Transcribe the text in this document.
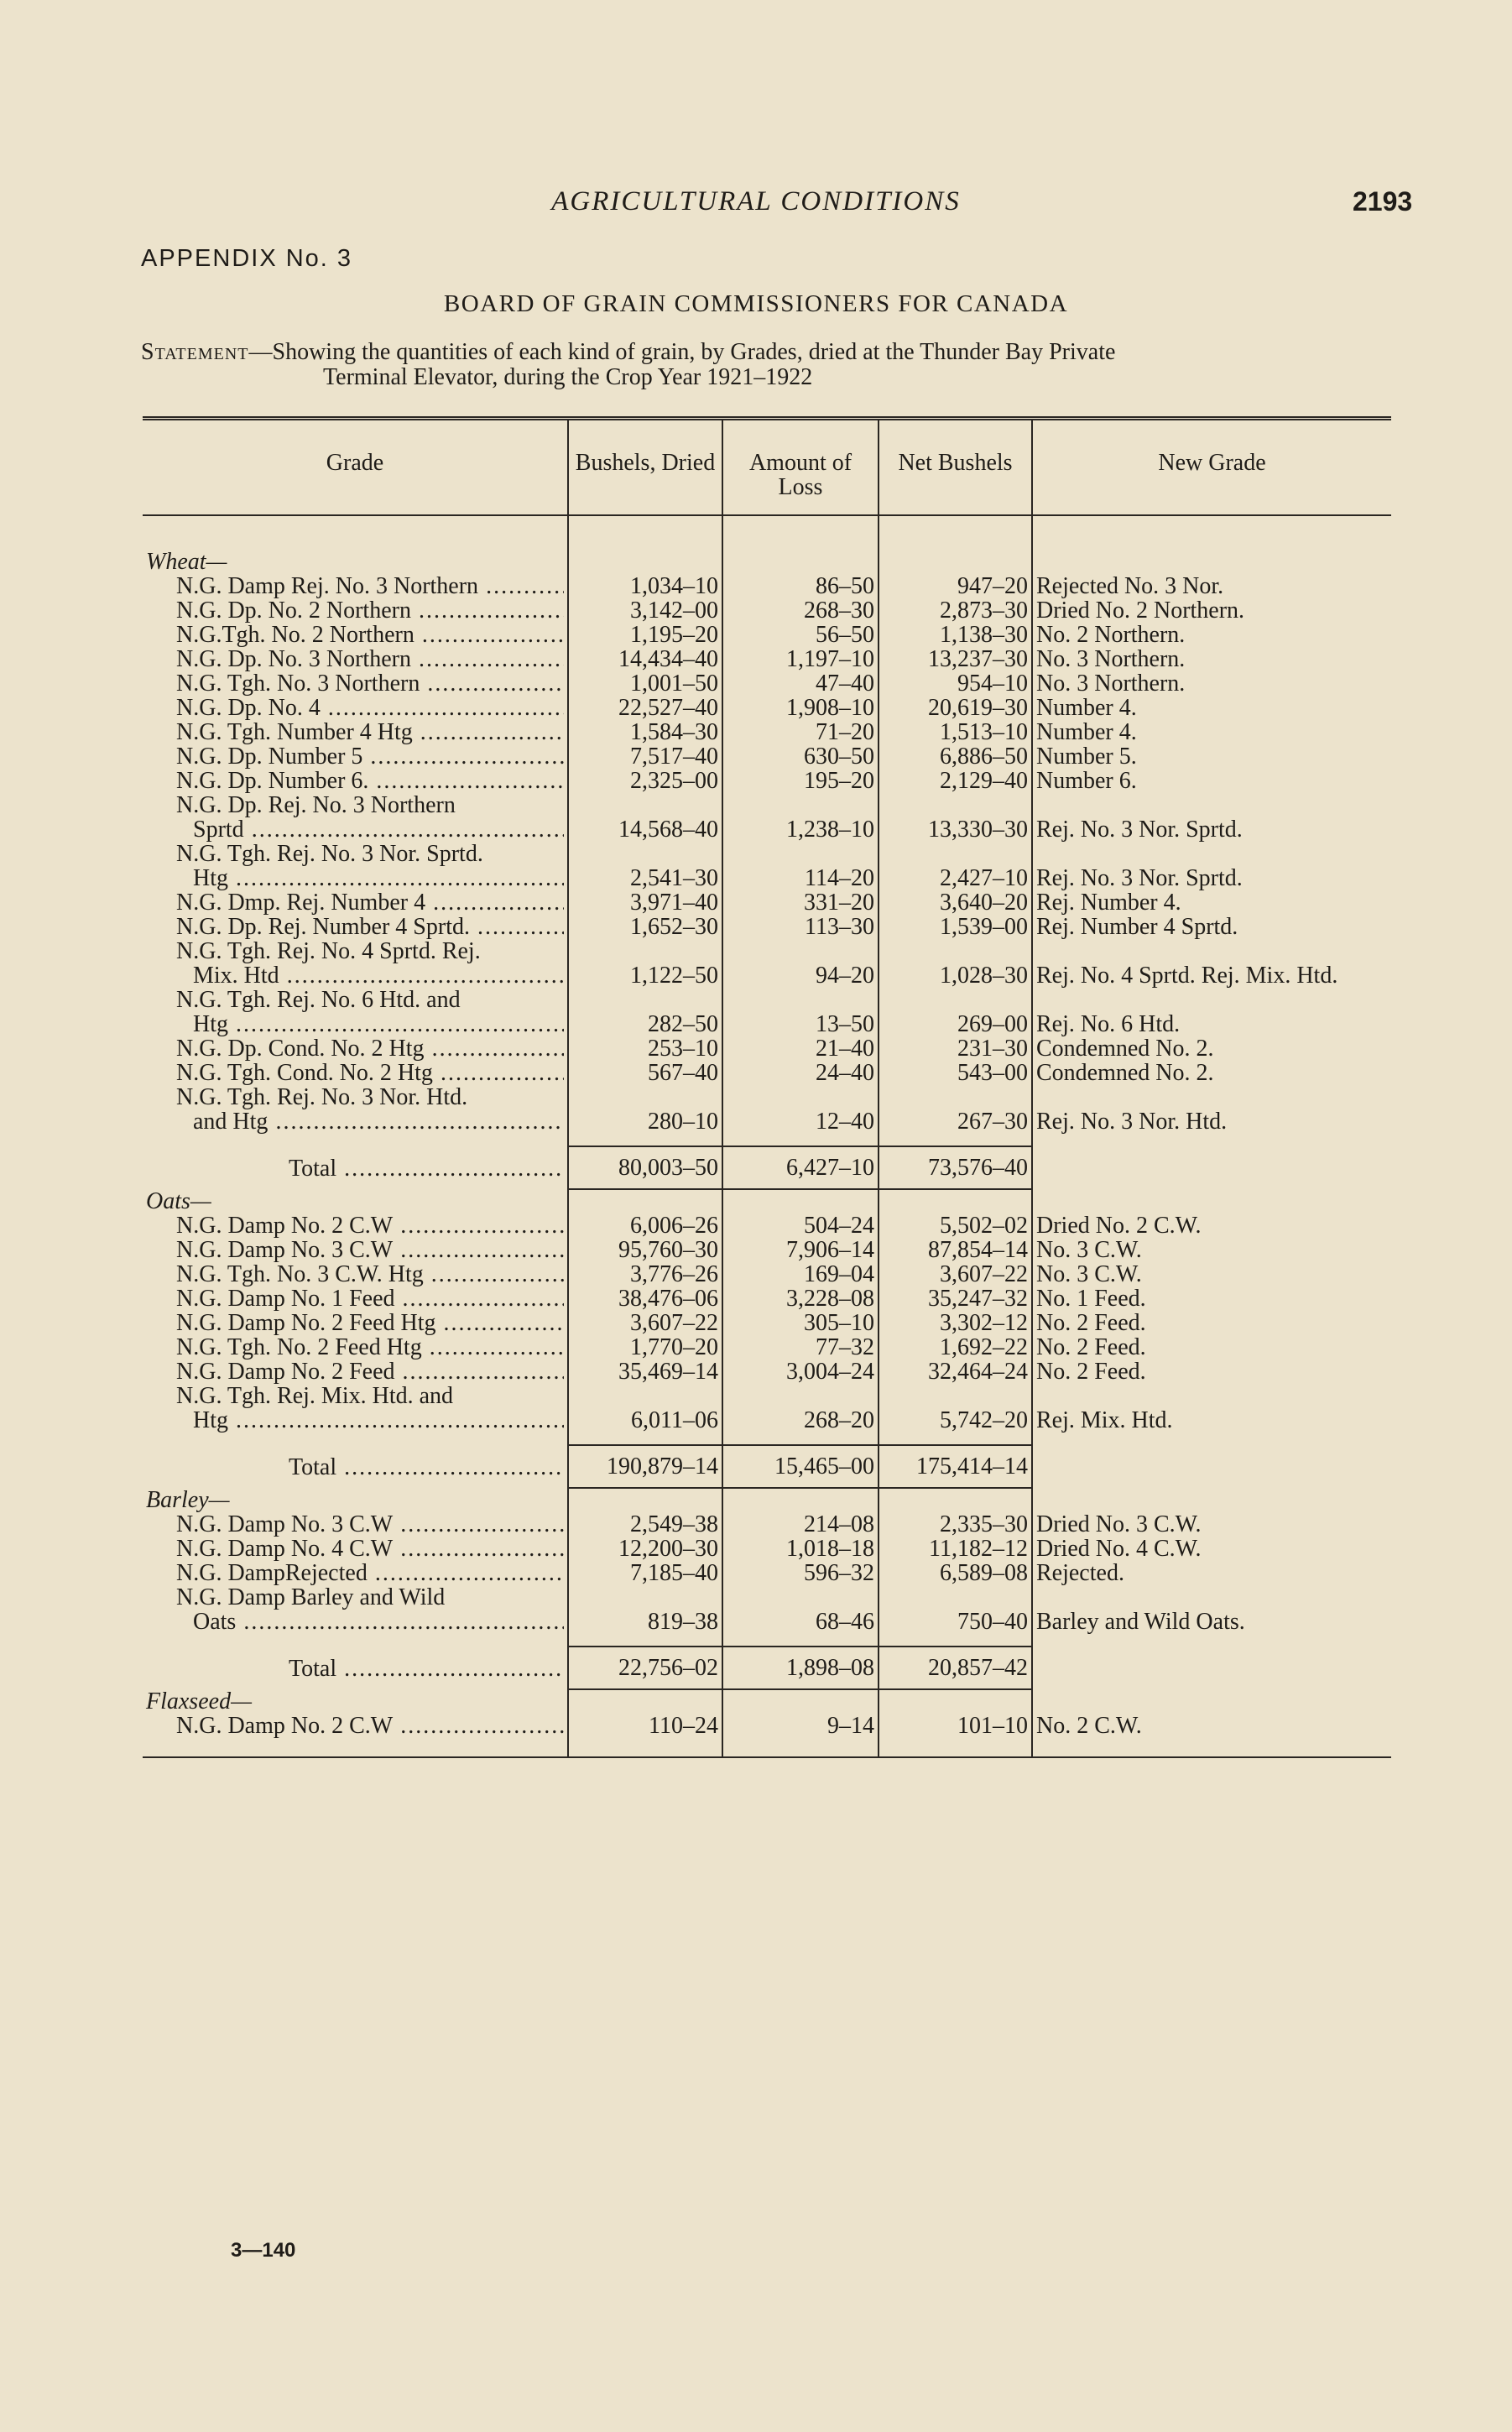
AGRICULTURAL CONDITIONS	2193
APPENDIX No. 3
BOARD OF GRAIN COMMISSIONERS FOR CANADA
Statement—Showing the quantities of each kind of grain, by Grades, dried at the Thunder Bay Private
Terminal Elevator, during the Crop Year 1921–1922
Grade	Bushels, Dried	Amount of Loss	Net Bushels	New Grade
Wheat—				

N.G. Damp Rej. No. 3 Northern .....	1,034–10	86–50	947–20	Rejected No. 3 Nor.

N.G. Dp. No. 2 Northern .....	3,142–00	268–30	2,873–30	Dried No. 2 Northern.

N.G.Tgh. No. 2 Northern .....	1,195–20	56–50	1,138–30	No. 2 Northern.

N.G. Dp. No. 3 Northern .....	14,434–40	1,197–10	13,237–30	No. 3 Northern.

N.G. Tgh. No. 3 Northern .....	1,001–50	47–40	954–10	No. 3 Northern.

N.G. Dp. No. 4 .....	22,527–40	1,908–10	20,619–30	Number 4.

N.G. Tgh. Number 4 Htg .....	1,584–30	71–20	1,513–10	Number 4.

N.G. Dp. Number 5 .....	7,517–40	630–50	6,886–50	Number 5.

N.G. Dp. Number 6. .....	2,325–00	195–20	2,129–40	Number 6.

N.G. Dp. Rej. No. 3 Northern
Sprtd .....	14,568–40	1,238–10	13,330–30	Rej. No. 3 Nor. Sprtd.

N.G. Tgh. Rej. No. 3 Nor. Sprtd.
Htg .....	2,541–30	114–20	2,427–10	Rej. No. 3 Nor. Sprtd.

N.G. Dmp. Rej. Number 4 .....	3,971–40	331–20	3,640–20	Rej. Number 4.

N.G. Dp. Rej. Number 4 Sprtd. .....	1,652–30	113–30	1,539–00	Rej. Number 4 Sprtd.

N.G. Tgh. Rej. No. 4 Sprtd. Rej.
Mix. Htd .....	1,122–50	94–20	1,028–30	Rej. No. 4 Sprtd. Rej. Mix. Htd.

N.G. Tgh. Rej. No. 6 Htd. and
Htg .....	282–50	13–50	269–00	Rej. No. 6 Htd.

N.G. Dp. Cond. No. 2 Htg .....	253–10	21–40	231–30	Condemned No. 2.

N.G. Tgh. Cond. No. 2 Htg .....	567–40	24–40	543–00	Condemned No. 2.

N.G. Tgh. Rej. No. 3 Nor. Htd.
and Htg .....	280–10	12–40	267–30	Rej. No. 3 Nor. Htd.

Total .....	80,003–50	6,427–10	73,576–40	
Oats—				

N.G. Damp No. 2 C.W .....	6,006–26	504–24	5,502–02	Dried No. 2 C.W.

N.G. Damp No. 3 C.W .....	95,760–30	7,906–14	87,854–14	No. 3 C.W.

N.G. Tgh. No. 3 C.W. Htg .....	3,776–26	169–04	3,607–22	No. 3 C.W.

N.G. Damp No. 1 Feed .....	38,476–06	3,228–08	35,247–32	No. 1 Feed.

N.G. Damp No. 2 Feed Htg .....	3,607–22	305–10	3,302–12	No. 2 Feed.

N.G. Tgh. No. 2 Feed Htg .....	1,770–20	77–32	1,692–22	No. 2 Feed.

N.G. Damp No. 2 Feed .....	35,469–14	3,004–24	32,464–24	No. 2 Feed.

N.G. Tgh. Rej. Mix. Htd. and
Htg .....	6,011–06	268–20	5,742–20	Rej. Mix. Htd.

Total .....	190,879–14	15,465–00	175,414–14	
Barley—				

N.G. Damp No. 3 C.W .....	2,549–38	214–08	2,335–30	Dried No. 3 C.W.

N.G. Damp No. 4 C.W .....	12,200–30	1,018–18	11,182–12	Dried No. 4 C.W.

N.G. DampRejected .....	7,185–40	596–32	6,589–08	Rejected.

N.G. Damp Barley and Wild
Oats .....	819–38	68–46	750–40	Barley and Wild Oats.

Total .....	22,756–02	1,898–08	20,857–42	
Flaxseed—				

N.G. Damp No. 2 C.W .....	110–24	9–14	101–10	No. 2 C.W.

3—140
